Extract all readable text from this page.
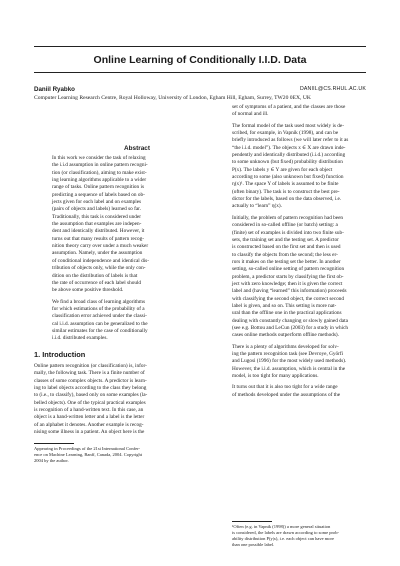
Online Learning of Conditionally I.I.D. Data
Daniil Ryabko	DANIIL@CS.RHUL.AC.UK
Computer Learning Research Centre, Royal Holloway, University of London, Egham Hill, Egham, Surrey, TW20 0EX, UK
Abstract

In this work we consider the task of relaxing

the i.i.d assumption in online pattern recogni-

tion (or classification), aiming to make exist-

ing learning algorithms applicable to a wider

range of tasks. Online pattern recognition is

predicting a sequence of labels based on ob-

jects given for each label and on examples

(pairs of objects and labels) learned so far.

Traditionally, this task is considered under

the assumption that examples are indepen-

dent and identically distributed. However, it

turns out that many results of pattern recog-

nition theory carry over under a much weaker

assumption. Namely, under the assumption

of conditional independence and identical dis-

tribution of objects only, while the only con-

dition on the distribution of labels is that

the rate of occurrence of each label should

be above some positive threshold.

We find a broad class of learning algorithms

for which estimations of the probability of a

classification error achieved under the classi-

cal i.i.d. assumption can be generalized to the

similar estimates for the case of conditionally

i.i.d. distributed examples.

1. Introduction

Online pattern recognition (or classification) is, infor-

mally, the following task. There is a finite number of

classes of some complex objects. A predictor is learn-

ing to label objects according to the class they belong

to (i.e., to classify), based only on some examples (la-

belled objects). One of the typical practical examples

is recognition of a hand-written text. In this case, an

object is a hand-written letter and a label is the letter

of an alphabet it denotes. Another example is recog-

nising some illness in a patient. An object here is the

Appearing in Proceedings of the 21st International Confer-

ence on Machine Learning, Banff, Canada, 2004. Copyright

2004 by the author.

set of symptoms of a patient, and the classes are those

of normal and ill.

The formal model of the task used most widely is de-

scribed, for example, in Vapnik (1998), and can be

briefly introduced as follows (we will later refer to it as

“the i.i.d. model”). The objects x ∈ X are drawn inde-

pendently and identically distributed (i.i.d.) according

to some unknown (but fixed) probability distribution

P(x). The labels y ∈ Y are given for each object

according to some (also unknown but fixed) function

η(x)¹. The space Y of labels is assumed to be finite

(often binary). The task is to construct the best pre-

dictor for the labels, based on the data observed, i.e.

actually to “learn” η(x).

Initially, the problem of pattern recognition had been

considered in so-called offline (or batch) setting: a

(finite) set of examples is divided into two finite sub-

sets, the training set and the testing set. A predictor

is constructed based on the first set and then is used

to classify the objects from the second; the less er-

rors it makes on the testing set the better. In another

setting, so-called online setting of pattern recognition

problem, a predictor starts by classifying the first ob-

ject with zero knowledge; then it is given the correct

label and (having “learned” this information) proceeds

with classifying the second object, the correct second

label is given, and so on. This setting is more nat-

ural than the offline one in the practical applications

dealing with constantly changing or slowly gained data

(see e.g. Bottou and LeCun (2003) for a study in which

cases online methods outperform offline methods).

There is a plenty of algorithms developed for solv-

ing the pattern recognition task (see Devroye, Györfi

and Lugosi (1996) for the most widely used methods).

However, the i.i.d. assumption, which is central in the

model, is too tight for many applications.

It turns out that it is also too tight for a wide range

of methods developed under the assumptions of the

¹Often (e.g. in Vapnik (1998)) a more general situation

is considered, the labels are drawn according to some prob-

ability distribution P(y|x), i.e. each object can have more

than one possible label.
